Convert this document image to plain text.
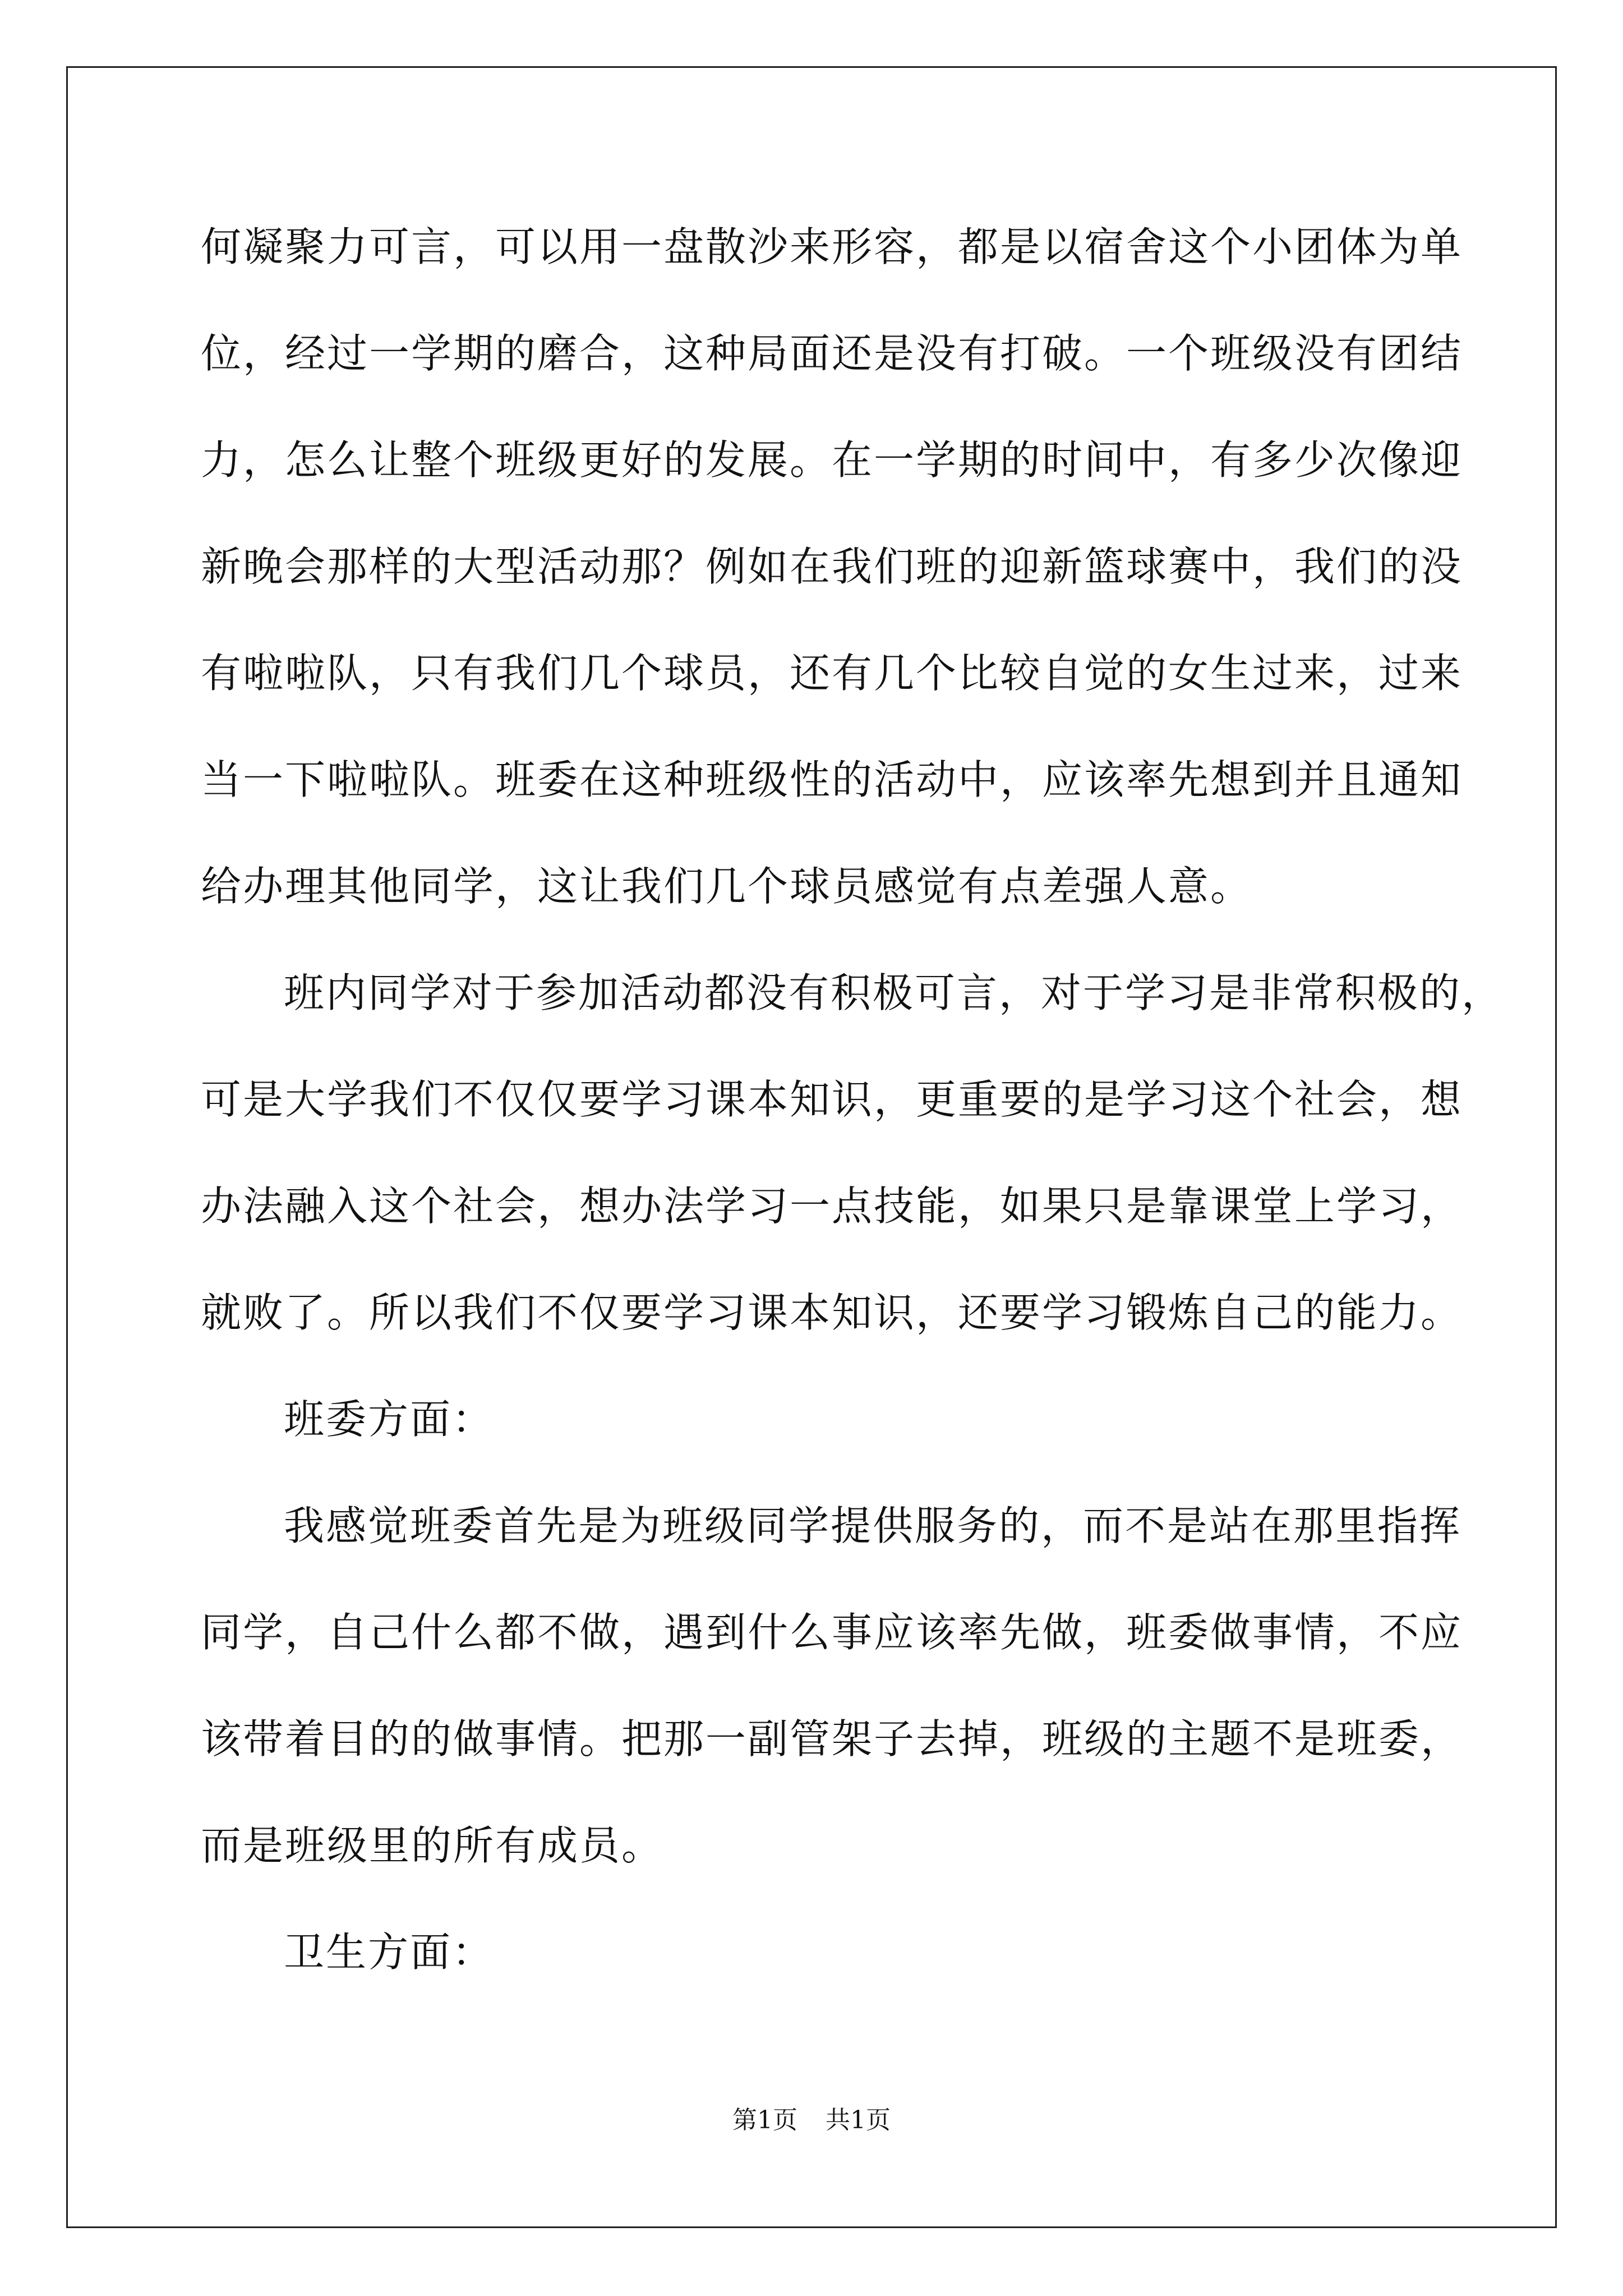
何凝聚力可言，可以用一盘散沙来形容，都是以宿舍这个小团体为单
位，经过一学期的磨合，这种局面还是没有打破。一个班级没有团结
力，怎么让整个班级更好的发展。在一学期的时间中，有多少次像迎
新晚会那样的大型活动那？例如在我们班的迎新篮球赛中，我们的没
有啦啦队，只有我们几个球员，还有几个比较自觉的女生过来，过来
当一下啦啦队。班委在这种班级性的活动中，应该率先想到并且通知
给办理其他同学，这让我们几个球员感觉有点差强人意。
班内同学对于参加活动都没有积极可言，对于学习是非常积极的，
可是大学我们不仅仅要学习课本知识，更重要的是学习这个社会，想
办法融入这个社会，想办法学习一点技能，如果只是靠课堂上学习，
就败了。所以我们不仅要学习课本知识，还要学习锻炼自己的能力。
班委方面：
我感觉班委首先是为班级同学提供服务的，而不是站在那里指挥
同学，自己什么都不做，遇到什么事应该率先做，班委做事情，不应
该带着目的的做事情。把那一副管架子去掉，班级的主题不是班委，
而是班级里的所有成员。
卫生方面：
第1页 共1页
